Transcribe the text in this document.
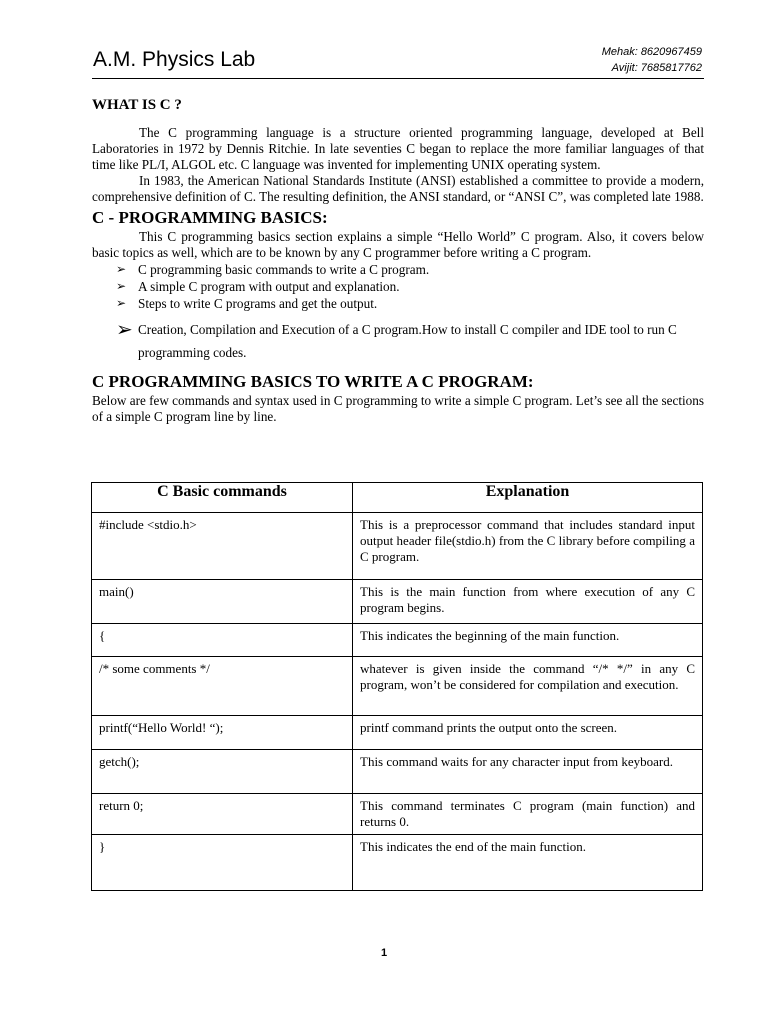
A.M. Physics Lab	Mehak: 8620967459
Avijit: 7685817762
WHAT IS C ?

The C programming language is a structure oriented programming language, developed at Bell Laboratories in 1972 by Dennis Ritchie. In late seventies C began to replace the more familiar languages of that time like PL/I, ALGOL etc. C language was invented for implementing UNIX operating system.

In 1983, the American National Standards Institute (ANSI) established a committee to provide a modern, comprehensive definition of C. The resulting definition, the ANSI standard, or “ANSI C”, was completed late 1988.

C - PROGRAMMING BASICS:

This C programming basics section explains a simple “Hello World” C program. Also, it covers below basic topics as well, which are to be known by any C programmer before writing a C program.

➢ C programming basic commands to write a C program.
➢ A simple C program with output and explanation.
➢ Steps to write C programs and get the output.
➢ Creation, Compilation and Execution of a C program.How to install C compiler and IDE tool to run C programming codes.
C PROGRAMMING BASICS TO WRITE A C PROGRAM:

Below are few commands and syntax used in C programming to write a simple C program. Let’s see all the sections of a simple C program line by line.

C Basic commands	Explanation
#include <stdio.h>	This is a preprocessor command that includes standard input output header file(stdio.h) from the C library before compiling a C program.
main()	This is the main function from where execution of any C program begins.
{	This indicates the beginning of the main function.
/* some comments */	whatever is given inside the command “/* */” in any C program, won’t be considered for compilation and execution.
printf(“Hello World! “);	printf command prints the output onto the screen.
getch();	This command waits for any character input from keyboard.
return 0;	This command terminates C program (main function) and returns 0.
}	This indicates the end of the main function.
1
